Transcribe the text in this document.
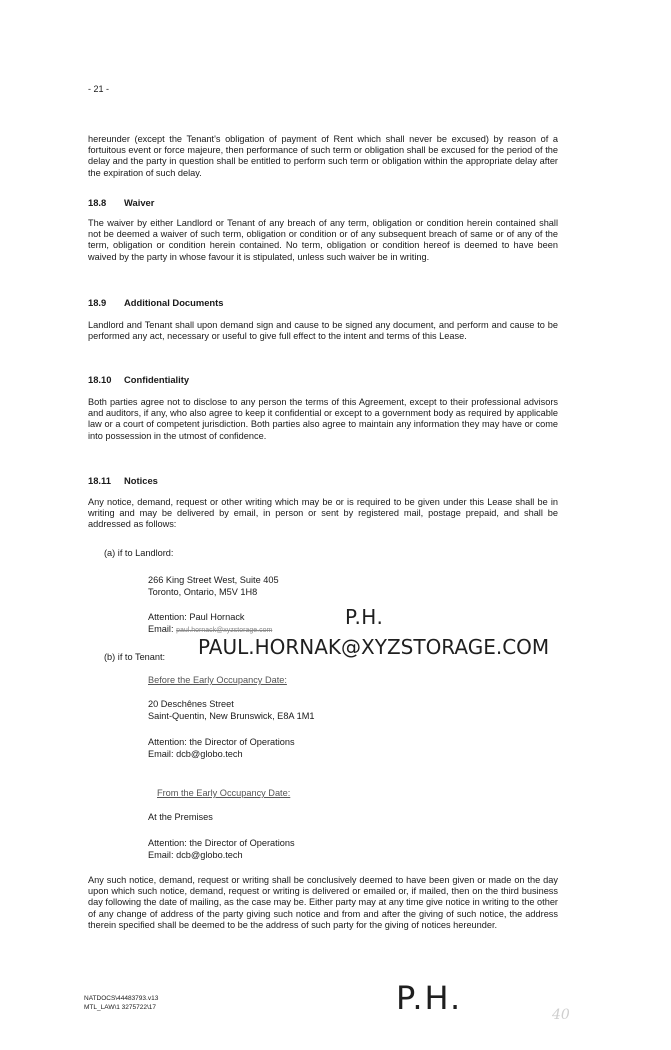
- 21 -
hereunder (except the Tenant's obligation of payment of Rent which shall never be excused) by reason of a fortuitous event or force majeure, then performance of such term or obligation shall be excused for the period of the delay and the party in question shall be entitled to perform such term or obligation within the appropriate delay after the expiration of such delay.
18.8 Waiver
The waiver by either Landlord or Tenant of any breach of any term, obligation or condition herein contained shall not be deemed a waiver of such term, obligation or condition or of any subsequent breach of same or of any of the term, obligation or condition herein contained. No term, obligation or condition hereof is deemed to have been waived by the party in whose favour it is stipulated, unless such waiver be in writing.
18.9 Additional Documents
Landlord and Tenant shall upon demand sign and cause to be signed any document, and perform and cause to be performed any act, necessary or useful to give full effect to the intent and terms of this Lease.
18.10 Confidentiality
Both parties agree not to disclose to any person the terms of this Agreement, except to their professional advisors and auditors, if any, who also agree to keep it confidential or except to a government body as required by applicable law or a court of competent jurisdiction. Both parties also agree to maintain any information they may have or come into possession in the utmost of confidence.
18.11 Notices
Any notice, demand, request or other writing which may be or is required to be given under this Lease shall be in writing and may be delivered by email, in person or sent by registered mail, postage prepaid, and shall be addressed as follows:
(a) if to Landlord:
266 King Street West, Suite 405
Toronto, Ontario, M5V 1H8
Attention: Paul Hornack
Email: paul.hornack@xyzstorage.com
P.H.
PAUL.HORNAK@XYZSTORAGE.COM
(b) if to Tenant:
Before the Early Occupancy Date:
20 Deschênes Street
Saint-Quentin, New Brunswick, E8A 1M1
Attention: the Director of Operations
Email: dcb@globo.tech
From the Early Occupancy Date:
At the Premises
Attention: the Director of Operations
Email: dcb@globo.tech
Any such notice, demand, request or writing shall be conclusively deemed to have been given or made on the day upon which such notice, demand, request or writing is delivered or emailed or, if mailed, then on the third business day following the date of mailing, as the case may be. Either party may at any time give notice in writing to the other of any change of address of the party giving such notice and from and after the giving of such notice, the address therein specified shall be deemed to be the address of such party for the giving of notices hereunder.
NATDOCS\44483793.v13
MTL_LAW\1 3275722\17	P.H.	40
